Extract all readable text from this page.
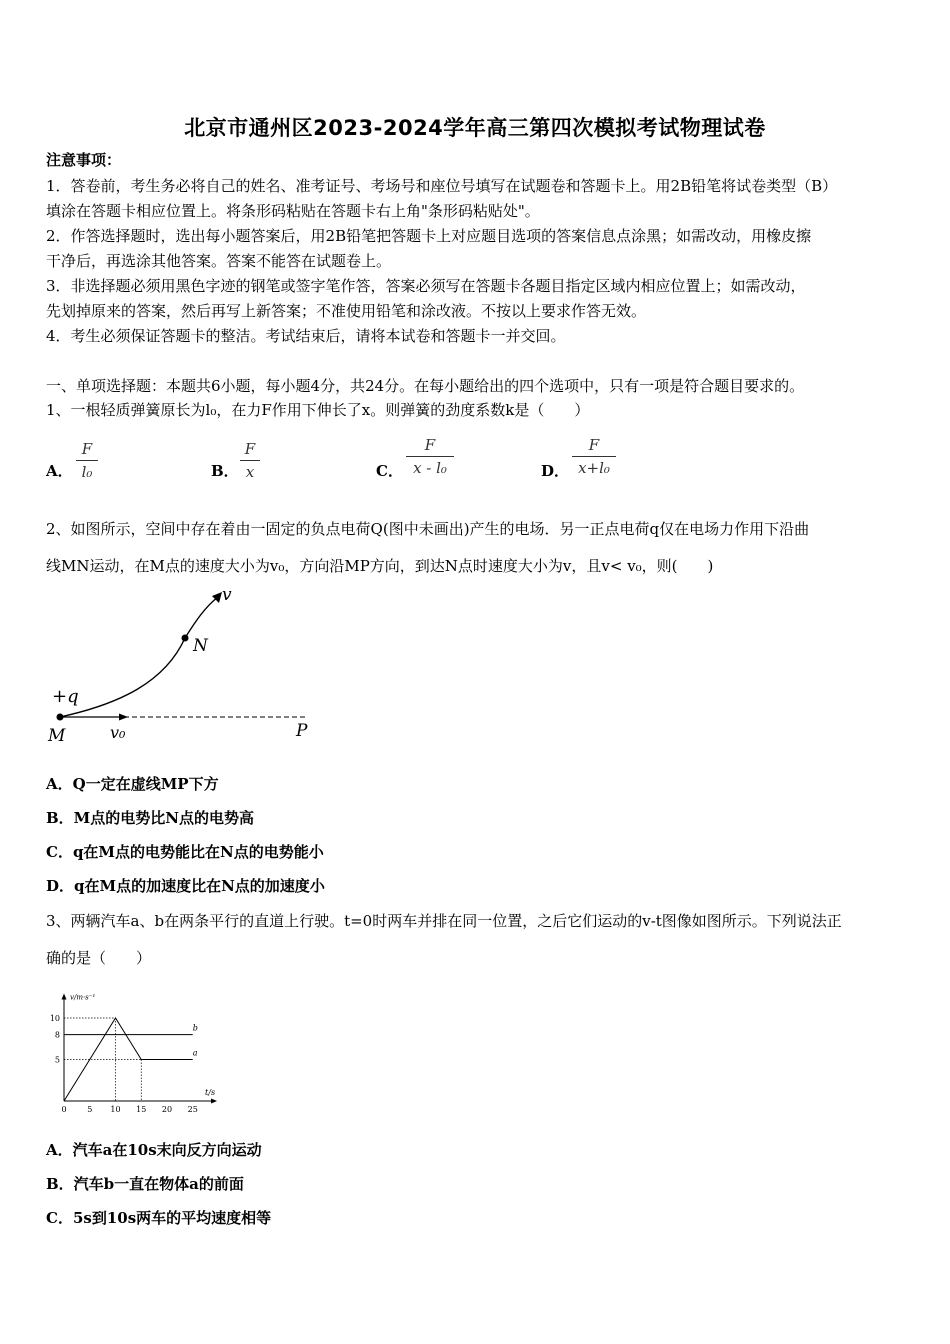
北京市通州区2023-2024学年高三第四次模拟考试物理试卷
注意事项：
1．答卷前，考生务必将自己的姓名、准考证号、考场号和座位号填写在试题卷和答题卡上。用2B铅笔将试卷类型（B）
填涂在答题卡相应位置上。将条形码粘贴在答题卡右上角"条形码粘贴处"。
2．作答选择题时，选出每小题答案后，用2B铅笔把答题卡上对应题目选项的答案信息点涂黑；如需改动，用橡皮擦
干净后，再选涂其他答案。答案不能答在试题卷上。
3．非选择题必须用黑色字迹的钢笔或签字笔作答，答案必须写在答题卡各题目指定区域内相应位置上；如需改动，
先划掉原来的答案，然后再写上新答案；不准使用铅笔和涂改液。不按以上要求作答无效。
4．考生必须保证答题卡的整洁。考试结束后，请将本试卷和答题卡一并交回。
一、单项选择题：本题共6小题，每小题4分，共24分。在每小题给出的四个选项中，只有一项是符合题目要求的。
1、一根轻质弹簧原长为l₀，在力F作用下伸长了x。则弹簧的劲度系数k是（　　）
A．
F
l₀	B．
F
x	C．
F
x - l₀	D．
F
x+l₀
2、如图所示，空间中存在着由一固定的负点电荷Q(图中未画出)产生的电场．另一正点电荷q仅在电场力作用下沿曲
线MN运动，在M点的速度大小为v₀，方向沿MP方向，到达N点时速度大小为v，且v< v₀，则(　　)
+q
v
N
M	v₀	P
A．Q一定在虚线MP下方
B．M点的电势比N点的电势高
C．q在M点的电势能比在N点的电势能小
D．q在M点的加速度比在N点的加速度小
3、两辆汽车a、b在两条平行的直道上行驶。t=0时两车并排在同一位置，之后它们运动的v-t图像如图所示。下列说法正
确的是（　　）
v/m·s⁻¹
t/s
0	5 10 15 20 25
5
8
10
a
b
A．汽车a在10s末向反方向运动
B．汽车b一直在物体a的前面
C．5s到10s两车的平均速度相等
